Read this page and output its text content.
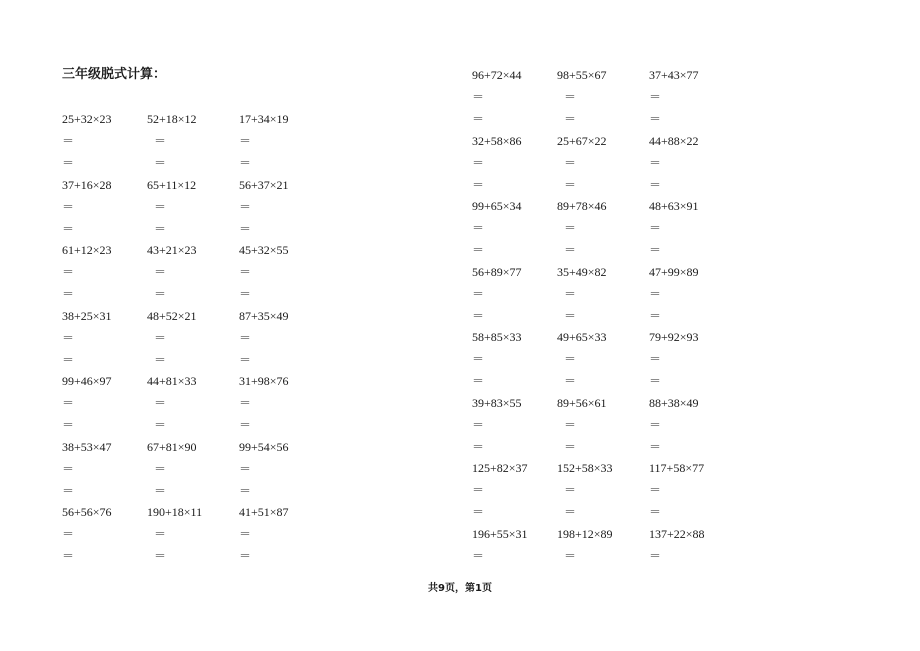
三年级脱式计算：
25+32×23	52+18×12	17+34×19
＝	＝	＝
＝	＝	＝
37+16×28	65+11×12	56+37×21
＝	＝	＝
＝	＝	＝
61+12×23	43+21×23	45+32×55
＝	＝	＝
＝	＝	＝
38+25×31	48+52×21	87+35×49
＝	＝	＝
＝	＝	＝
99+46×97	44+81×33	31+98×76
＝	＝	＝
＝	＝	＝
38+53×47	67+81×90	99+54×56
＝	＝	＝
＝	＝	＝
56+56×76	190+18×11	41+51×87
＝	＝	＝
＝	＝	＝
96+72×44	98+55×67	37+43×77
＝	＝	＝
＝	＝	＝
32+58×86	25+67×22	44+88×22
＝	＝	＝
＝	＝	＝
99+65×34	89+78×46	48+63×91
＝	＝	＝
＝	＝	＝
56+89×77	35+49×82	47+99×89
＝	＝	＝
＝	＝	＝
58+85×33	49+65×33	79+92×93
＝	＝	＝
＝	＝	＝
39+83×55	89+56×61	88+38×49
＝	＝	＝
＝	＝	＝
125+82×37 152+58×33	117+58×77
＝	＝	＝
＝	＝	＝
196+55×31 198+12×89	137+22×88
＝	＝	＝
共9页，第1页
